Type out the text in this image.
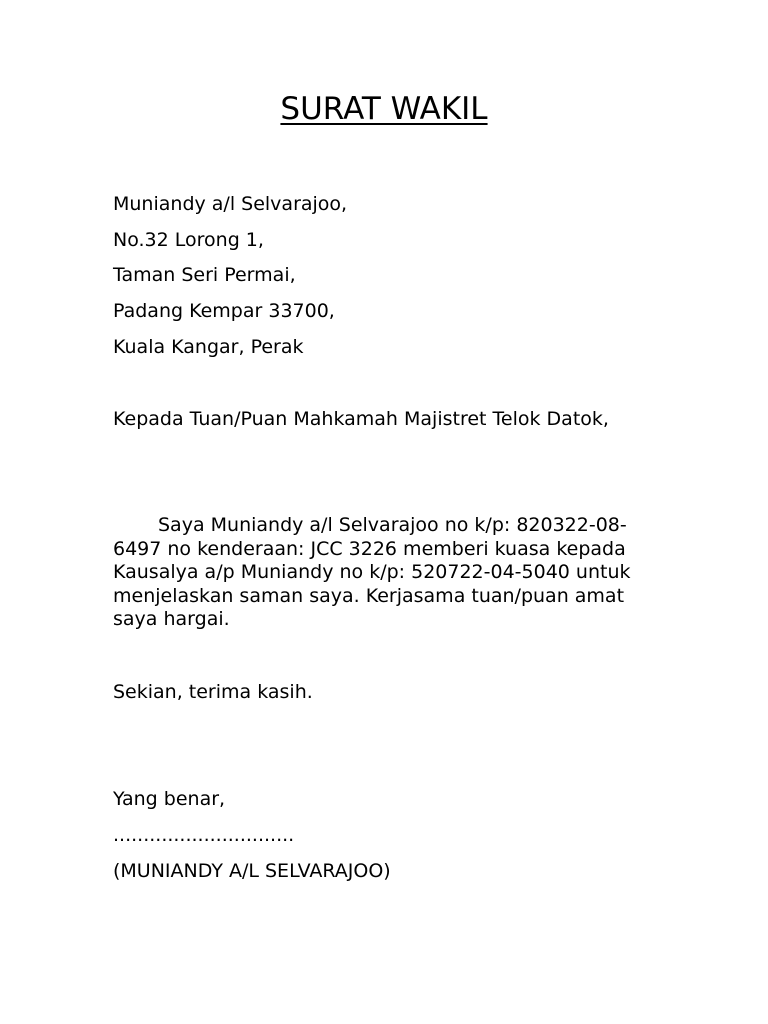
SURAT WAKIL
Muniandy a/l Selvarajoo,
No.32 Lorong 1,
Taman Seri Permai,
Padang Kempar 33700,
Kuala Kangar, Perak
Kepada Tuan/Puan Mahkamah Majistret Telok Datok,

Saya Muniandy a/l Selvarajoo no k/p: 820322-08-6497 no kenderaan: JCC 3226 memberi kuasa kepada Kausalya a/p Muniandy no k/p: 520722-04-5040 untuk menjelaskan saman saya. Kerjasama tuan/puan amat saya hargai.

Sekian, terima kasih.
Yang benar,
..............................
(MUNIANDY A/L SELVARAJOO)
